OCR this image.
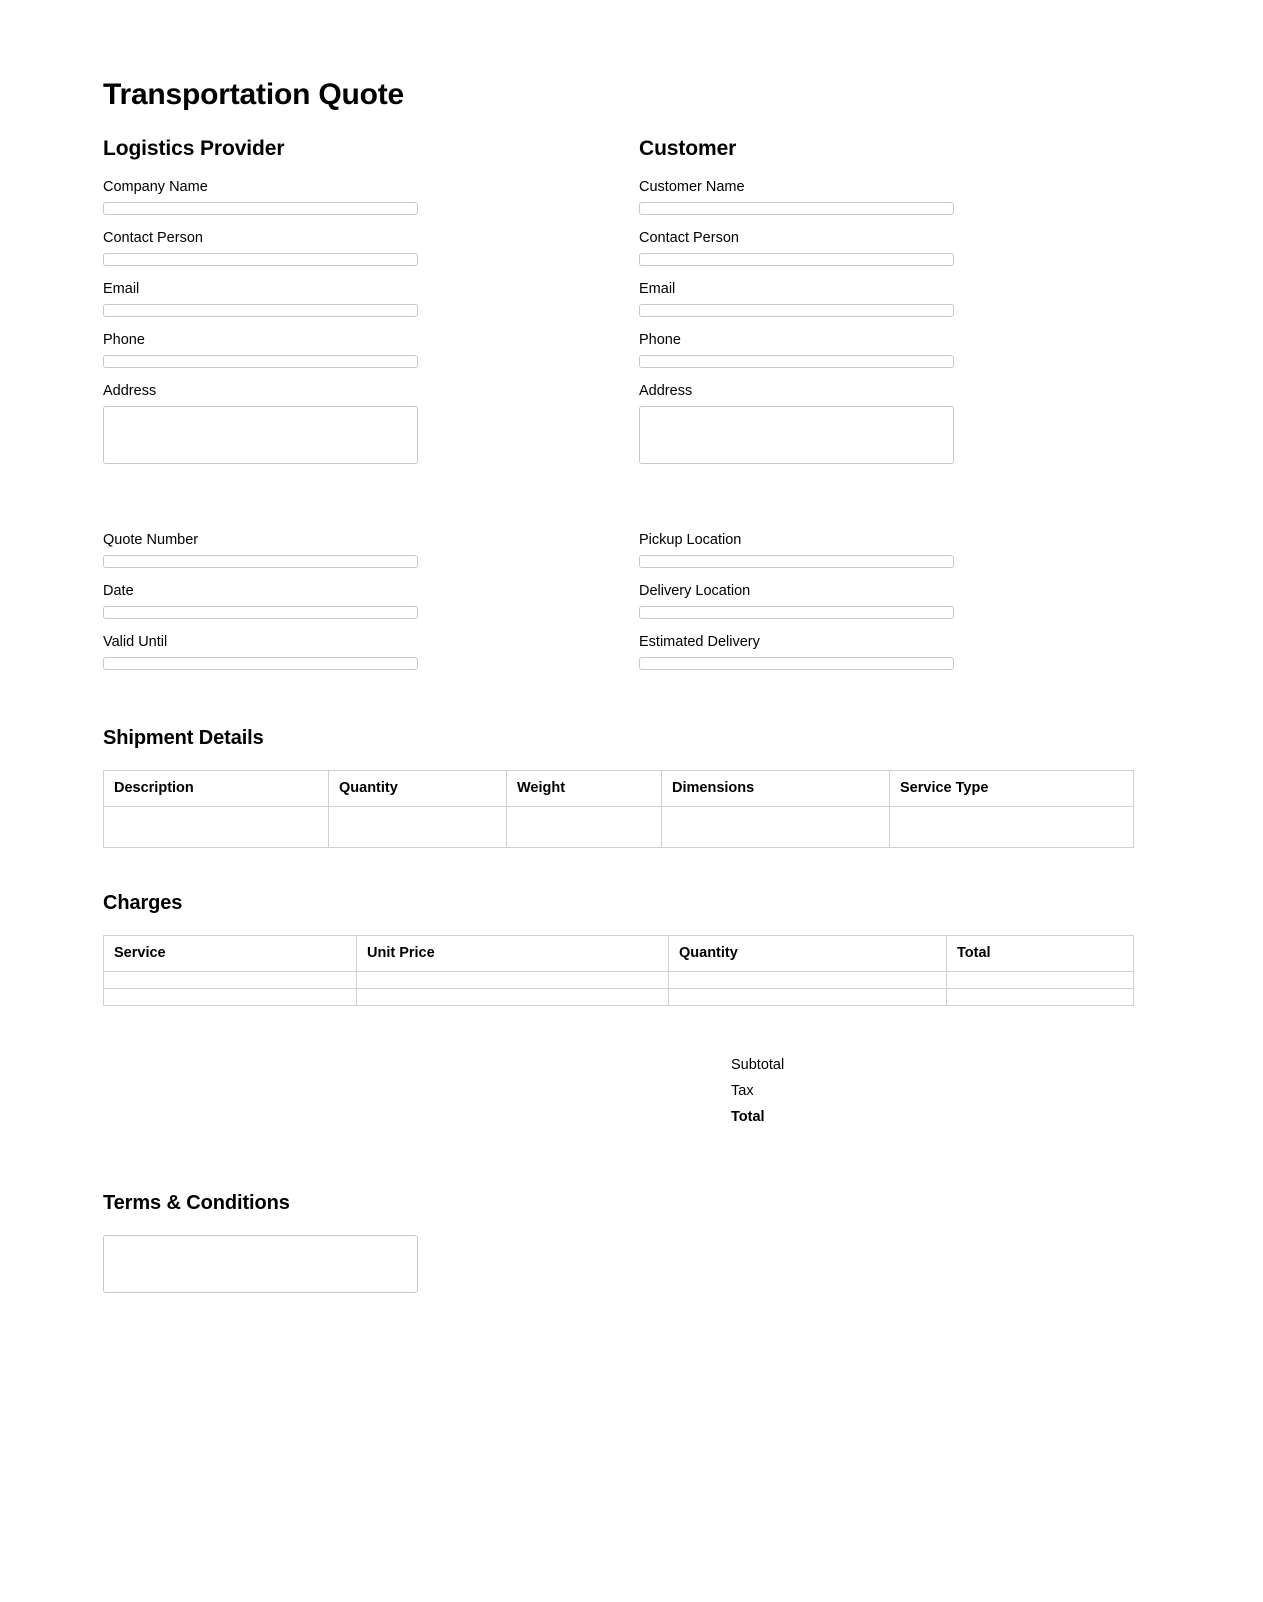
Transportation Quote
Logistics Provider
Company Name
Contact Person
Email
Phone
Address
Quote Number
Date
Valid Until
Customer
Customer Name
Contact Person
Email
Phone
Address
Pickup Location
Delivery Location
Estimated Delivery
Shipment Details
Description	Quantity	Weight	Dimensions	Service Type

Charges
Service	Unit Price	Quantity	Total

Subtotal
Tax
Total
Terms & Conditions
